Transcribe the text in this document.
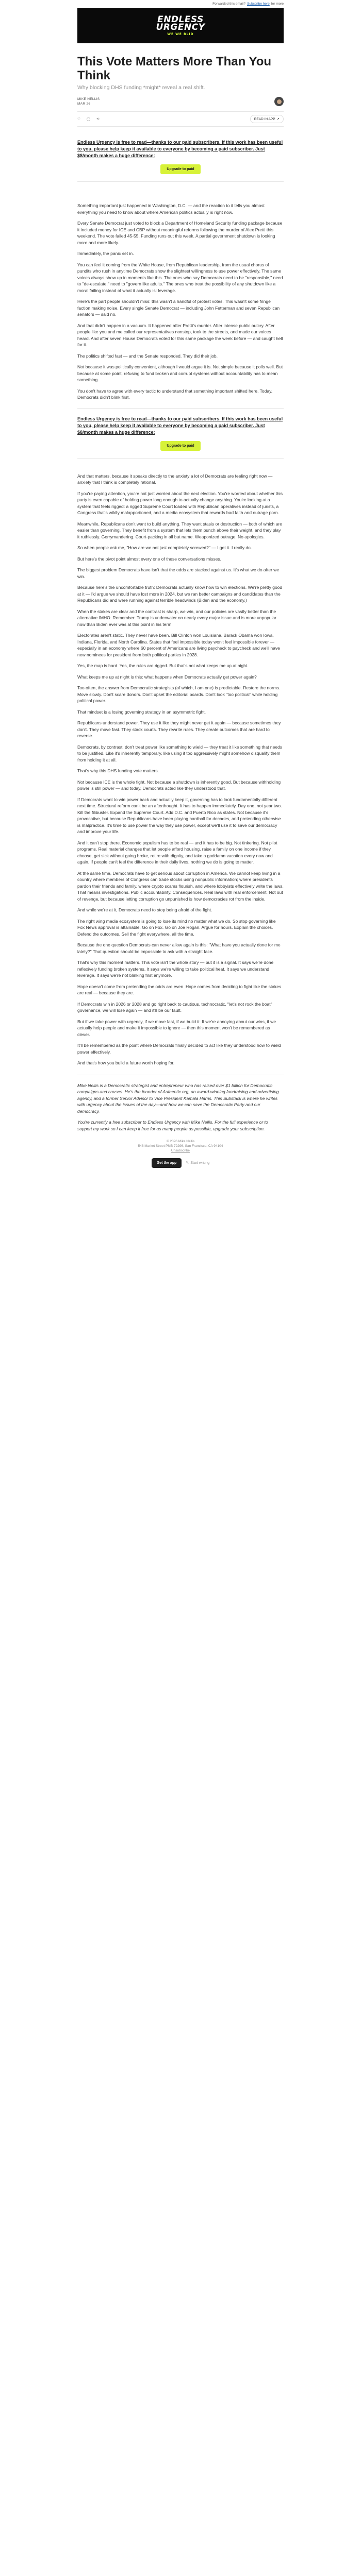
Forwarded this email? Subscribe here for more
ENDLESS
URGENCY
WE WE BLID
This Vote Matters More Than You Think
Why blocking DHS funding *might* reveal a real shift.
MIKE NELLIS
MAR 26
♡ ◯ ⟲	READ IN APP ↗

Endless Urgency is free to read—thanks to our paid subscribers. If this work has been useful to you, please help keep it available to everyone by becoming a paid subscriber. Just $8/month makes a huge difference:

Upgrade to paid

Something important just happened in Washington, D.C. — and the reaction to it tells you almost everything you need to know about where American politics actually is right now.

Every Senate Democrat just voted to block a Department of Homeland Security funding package because it included money for ICE and CBP without meaningful reforms following the murder of Alex Pretti this weekend. The vote failed 45-55. Funding runs out this week. A partial government shutdown is looking more and more likely.

Immediately, the panic set in.

You can feel it coming from the White House, from Republican leadership, from the usual chorus of pundits who rush in anytime Democrats show the slightest willingness to use power effectively. The same voices always show up in moments like this. The ones who say Democrats need to be "responsible," need to "de-escalate," need to "govern like adults." The ones who treat the possibility of any shutdown like a moral failing instead of what it actually is: leverage.

Here's the part people shouldn't miss: this wasn't a handful of protest votes. This wasn't some fringe faction making noise. Every single Senate Democrat — including John Fetterman and seven Republican senators — said no.

And that didn't happen in a vacuum. It happened after Pretti's murder. After intense public outcry. After people like you and me called our representatives nonstop, took to the streets, and made our voices heard. And after seven House Democrats voted for this same package the week before — and caught hell for it.

The politics shifted fast — and the Senate responded. They did their job.

Not because it was politically convenient, although I would argue it is. Not simple because it polls well. But because at some point, refusing to fund broken and corrupt systems without accountability has to mean something.

You don't have to agree with every tactic to understand that something important shifted here. Today, Democrats didn't blink first.

Endless Urgency is free to read—thanks to our paid subscribers. If this work has been useful to you, please help keep it available to everyone by becoming a paid subscriber. Just $8/month makes a huge difference:

Upgrade to paid

And that matters, because it speaks directly to the anxiety a lot of Democrats are feeling right now — anxiety that I think is completely rational.

If you're paying attention, you're not just worried about the next election. You're worried about whether this party is even capable of holding power long enough to actually change anything. You're looking at a system that feels rigged: a rigged Supreme Court loaded with Republican operatives instead of jurists, a Congress that's wildly malapportioned, and a media ecosystem that rewards bad faith and outrage porn.

Meanwhile, Republicans don't want to build anything. They want stasis or destruction — both of which are easier than governing. They benefit from a system that lets them punch above their weight, and they play it ruthlessly. Gerrymandering. Court-packing in all but name. Weaponized outrage. No apologies.

So when people ask me, "How are we not just completely screwed?" — I get it. I really do.

But here's the pivot point almost every one of these conversations misses.

The biggest problem Democrats have isn't that the odds are stacked against us. It's what we do after we win.

Because here's the uncomfortable truth: Democrats actually know how to win elections. We're pretty good at it — I'd argue we should have lost more in 2024, but we ran better campaigns and candidates than the Republicans did and were running against terrible headwinds (Biden and the economy.)

When the stakes are clear and the contrast is sharp, we win, and our policies are vastly better than the alternative IMHO. Remember: Trump is underwater on nearly every major issue and is more unpopular now than Biden ever was at this point in his term.

Electorates aren't static. They never have been. Bill Clinton won Louisiana. Barack Obama won Iowa, Indiana, Florida, and North Carolina. States that feel impossible today won't feel impossible forever — especially in an economy where 60 percent of Americans are living paycheck to paycheck and we'll have new nominees for president from both political parties in 2028.

Yes, the map is hard. Yes, the rules are rigged. But that's not what keeps me up at night.

What keeps me up at night is this: what happens when Democrats actually get power again?

Too often, the answer from Democratic strategists (of which, I am one) is predictable. Restore the norms. Move slowly. Don't scare donors. Don't upset the editorial boards. Don't look "too political" while holding political power.

That mindset is a losing governing strategy in an asymmetric fight.

Republicans understand power. They use it like they might never get it again — because sometimes they don't. They move fast. They stack courts. They rewrite rules. They create outcomes that are hard to reverse.

Democrats, by contrast, don't treat power like something to wield — they treat it like something that needs to be justified. Like it's inherently temporary, like using it too aggressively might somehow disqualify them from holding it at all.

That's why this DHS funding vote matters.

Not because ICE is the whole fight. Not because a shutdown is inherently good. But because withholding power is still power — and today, Democrats acted like they understood that.

If Democrats want to win power back and actually keep it, governing has to look fundamentally different next time. Structural reform can't be an afterthought. It has to happen immediately. Day one, not year two. Kill the filibuster. Expand the Supreme Court. Add D.C. and Puerto Rico as states. Not because it's provocative, but because Republicans have been playing hardball for decades, and pretending otherwise is malpractice. It's time to use power the way they use power, except we'll use it to save our democracy and improve your life.

And it can't stop there. Economic populism has to be real — and it has to be big. Not tinkering. Not pilot programs. Real material changes that let people afford housing, raise a family on one income if they choose, get sick without going broke, retire with dignity, and take a goddamn vacation every now and again. If people can't feel the difference in their daily lives, nothing we do is going to matter.

At the same time, Democrats have to get serious about corruption in America. We cannot keep living in a country where members of Congress can trade stocks using nonpublic information; where presidents pardon their friends and family, where crypto scams flourish, and where lobbyists effectively write the laws. That means investigations. Public accountability. Consequences. Real laws with real enforcement. Not out of revenge, but because letting corruption go unpunished is how democracies rot from the inside.

And while we're at it, Democrats need to stop being afraid of the fight.

The right wing media ecosystem is going to lose its mind no matter what we do. So stop governing like Fox News approval is attainable. Go on Fox. Go on Joe Rogan. Argue for hours. Explain the choices. Defend the outcomes. Sell the fight everywhere, all the time.

Because the one question Democrats can never allow again is this: "What have you actually done for me lately?" That question should be impossible to ask with a straight face.

That's why this moment matters. This vote isn't the whole story — but it is a signal. It says we're done reflexively funding broken systems. It says we're willing to take political heat. It says we understand leverage. It says we're not blinking first anymore.

Hope doesn't come from pretending the odds are even. Hope comes from deciding to fight like the stakes are real — because they are.

If Democrats win in 2026 or 2028 and go right back to cautious, technocratic, "let's not rock the boat" governance, we will lose again — and it'll be our fault.

But if we take power with urgency, if we move fast, if we build it: If we're annoying about our wins, if we actually help people and make it impossible to ignore — then this moment won't be remembered as clever.

It'll be remembered as the point where Democrats finally decided to act like they understood how to wield power effectively.

And that's how you build a future worth hoping for.

Mike Nellis is a Democratic strategist and entrepreneur who has raised over $1 billion for Democratic campaigns and causes. He's the founder of Authentic.org, an award-winning fundraising and advertising agency, and a former Senior Advisor to Vice President Kamala Harris. This Substack is where he writes with urgency about the issues of the day—and how we can save the Democratic Party and our democracy.

You're currently a free subscriber to Endless Urgency with Mike Nellis. For the full experience or to support my work so I can keep it free for as many people as possible, upgrade your subscription.

© 2026 Mike Nellis
548 Market Street PMB 72296, San Francisco, CA 94104
Unsubscribe
Get the app	✎ Start writing
